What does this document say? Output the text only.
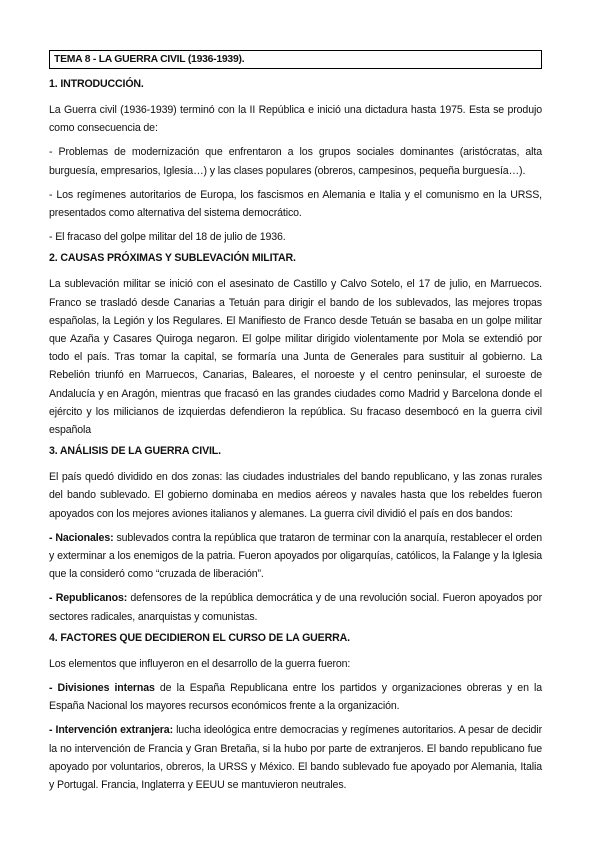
TEMA 8 - LA GUERRA CIVIL (1936-1939).
1. INTRODUCCIÓN.

La Guerra civil (1936-1939) terminó con la II República e inició una dictadura hasta 1975. Esta se produjo como consecuencia de:

- Problemas de modernización que enfrentaron a los grupos sociales dominantes (aristócratas, alta burguesía, empresarios, Iglesia…) y las clases populares (obreros, campesinos, pequeña burguesía…).

- Los regímenes autoritarios de Europa, los fascismos en Alemania e Italia y el comunismo en la URSS, presentados como alternativa del sistema democrático.

- El fracaso del golpe militar del 18 de julio de 1936.

2. CAUSAS PRÓXIMAS Y SUBLEVACIÓN MILITAR.

La sublevación militar se inició con el asesinato de Castillo y Calvo Sotelo, el 17 de julio, en Marruecos. Franco se trasladó desde Canarias a Tetuán para dirigir el bando de los sublevados, las mejores tropas españolas, la Legión y los Regulares. El Manifiesto de Franco desde Tetuán se basaba en un golpe militar que Azaña y Casares Quiroga negaron. El golpe militar dirigido violentamente por Mola se extendió por todo el país. Tras tomar la capital, se formaría una Junta de Generales para sustituir al gobierno. La Rebelión triunfó en Marruecos, Canarias, Baleares, el noroeste y el centro peninsular, el suroeste de Andalucía y en Aragón, mientras que fracasó en las grandes ciudades como Madrid y Barcelona donde el ejército y los milicianos de izquierdas defendieron la república. Su fracaso desembocó en la guerra civil española

3. ANÁLISIS DE LA GUERRA CIVIL.

El país quedó dividido en dos zonas: las ciudades industriales del bando republicano, y las zonas rurales del bando sublevado. El gobierno dominaba en medios aéreos y navales hasta que los rebeldes fueron apoyados con los mejores aviones italianos y alemanes. La guerra civil dividió el país en dos bandos:

- Nacionales: sublevados contra la república que trataron de terminar con la anarquía, restablecer el orden y exterminar a los enemigos de la patria. Fueron apoyados por oligarquías, católicos, la Falange y la Iglesia que la consideró como “cruzada de liberación”.

- Republicanos: defensores de la república democrática y de una revolución social. Fueron apoyados por sectores radicales, anarquistas y comunistas.

4. FACTORES QUE DECIDIERON EL CURSO DE LA GUERRA.

Los elementos que influyeron en el desarrollo de la guerra fueron:

- Divisiones internas de la España Republicana entre los partidos y organizaciones obreras y en la España Nacional los mayores recursos económicos frente a la organización.

- Intervención extranjera: lucha ideológica entre democracias y regímenes autoritarios. A pesar de decidir la no intervención de Francia y Gran Bretaña, si la hubo por parte de extranjeros. El bando republicano fue apoyado por voluntarios, obreros, la URSS y México. El bando sublevado fue apoyado por Alemania, Italia y Portugal. Francia, Inglaterra y EEUU se mantuvieron neutrales.
